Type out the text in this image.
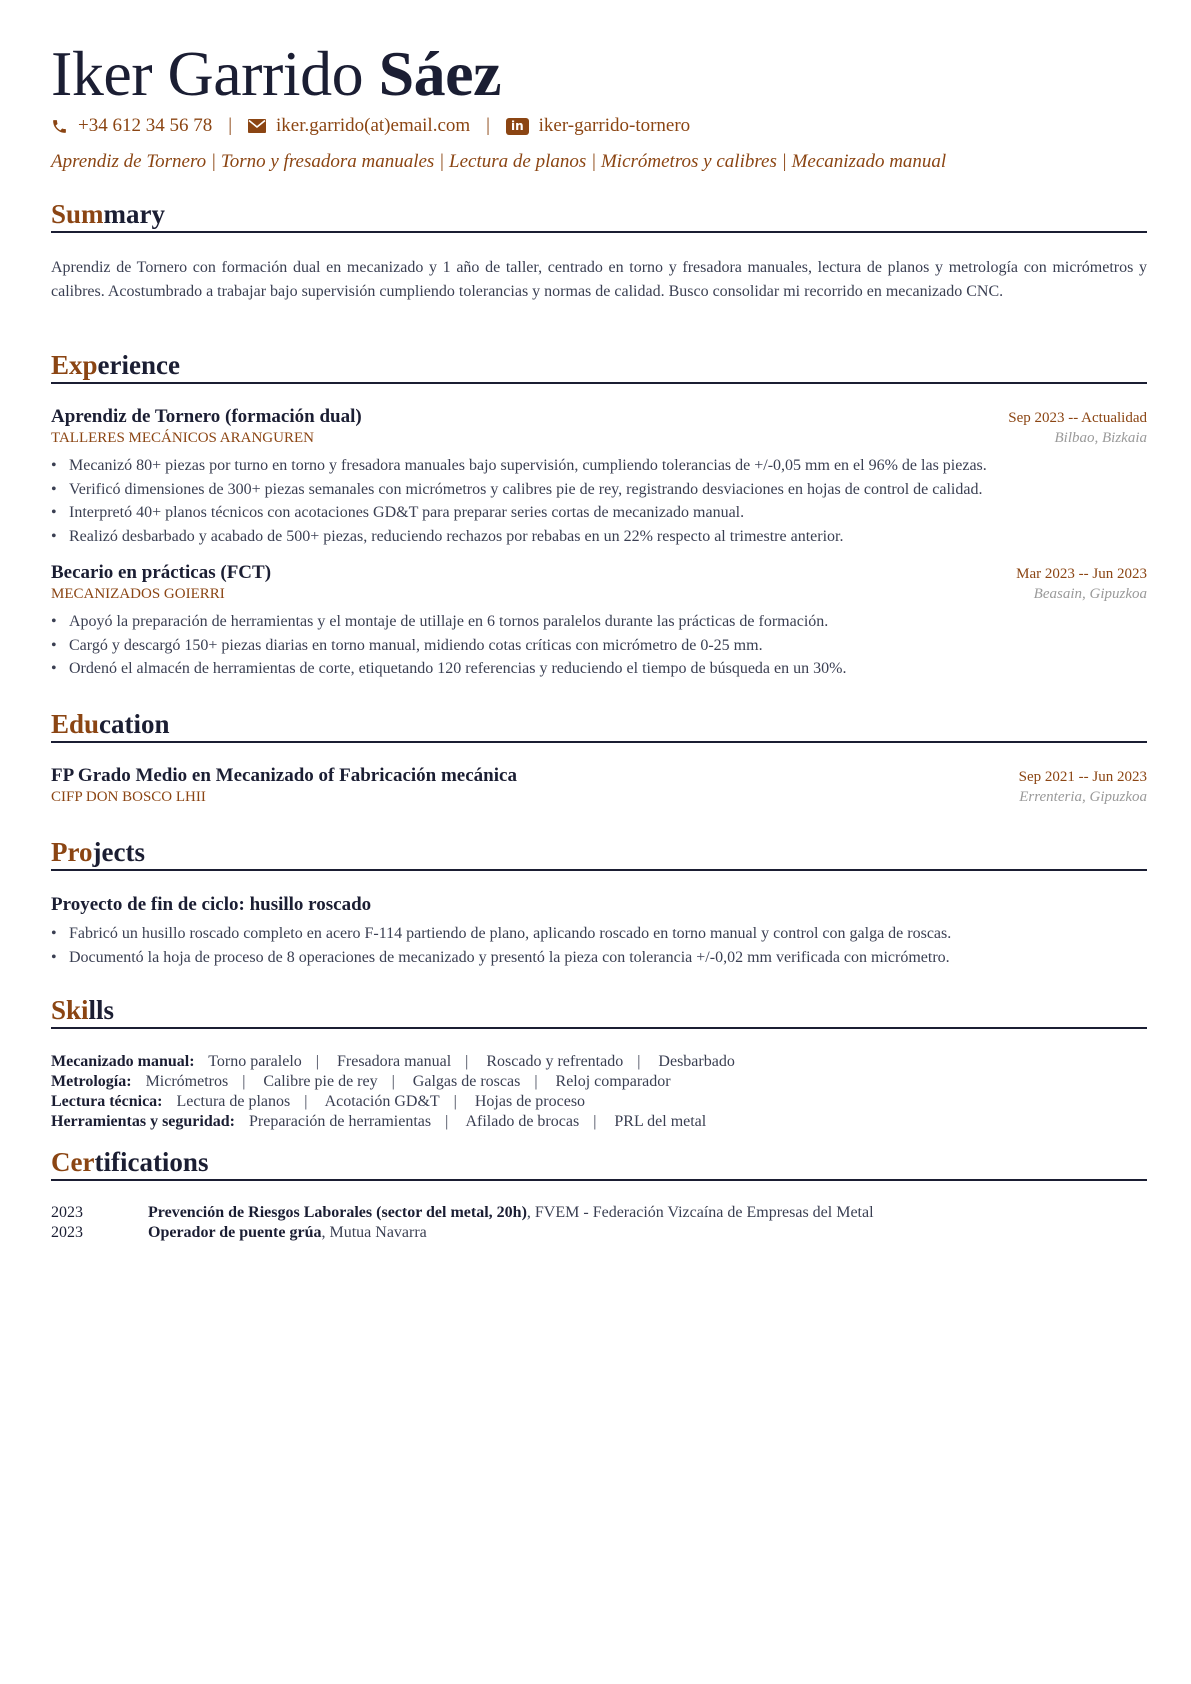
Iker Garrido Sáez
+34 612 34 56 78 | iker.garrido(at)email.com |	in iker-garrido-tornero
Aprendiz de Tornero | Torno y fresadora manuales | Lectura de planos | Micrómetros y calibres | Mecanizado manual
Summary
Aprendiz de Tornero con formación dual en mecanizado y 1 año de taller, centrado en torno y fresadora manuales, lectura de planos y metrología con micrómetros y calibres. Acostumbrado a trabajar bajo supervisión cumpliendo tolerancias y normas de calidad. Busco consolidar mi recorrido en mecanizado CNC.
Experience
Aprendiz de Tornero (formación dual)	Sep 2023 -- Actualidad
TALLERES MECÁNICOS ARANGUREN	Bilbao, Bizkaia
• Mecanizó 80+ piezas por turno en torno y fresadora manuales bajo supervisión, cumpliendo tolerancias de +/-0,05 mm en el 96% de las piezas.
• Verificó dimensiones de 300+ piezas semanales con micrómetros y calibres pie de rey, registrando desviaciones en hojas de control de calidad.
• Interpretó 40+ planos técnicos con acotaciones GD&T para preparar series cortas de mecanizado manual.
• Realizó desbarbado y acabado de 500+ piezas, reduciendo rechazos por rebabas en un 22% respecto al trimestre anterior.
Becario en prácticas (FCT)	Mar 2023 -- Jun 2023
MECANIZADOS GOIERRI	Beasain, Gipuzkoa
• Apoyó la preparación de herramientas y el montaje de utillaje en 6 tornos paralelos durante las prácticas de formación.
• Cargó y descargó 150+ piezas diarias en torno manual, midiendo cotas críticas con micrómetro de 0-25 mm.
• Ordenó el almacén de herramientas de corte, etiquetando 120 referencias y reduciendo el tiempo de búsqueda en un 30%.
Education
FP Grado Medio en Mecanizado of Fabricación mecánica	Sep 2021 -- Jun 2023
CIFP DON BOSCO LHII	Errenteria, Gipuzkoa
Projects
Proyecto de fin de ciclo: husillo roscado
• Fabricó un husillo roscado completo en acero F-114 partiendo de plano, aplicando roscado en torno manual y control con galga de roscas.
• Documentó la hoja de proceso de 8 operaciones de mecanizado y presentó la pieza con tolerancia +/-0,02 mm verificada con micrómetro.
Skills
Mecanizado manual: Torno paralelo | Fresadora manual | Roscado y refrentado | Desbarbado
Metrología: Micrómetros | Calibre pie de rey | Galgas de roscas | Reloj comparador
Lectura técnica: Lectura de planos | Acotación GD&T | Hojas de proceso
Herramientas y seguridad: Preparación de herramientas | Afilado de brocas | PRL del metal
Certifications
2023	Prevención de Riesgos Laborales (sector del metal, 20h), FVEM - Federación Vizcaína de Empresas del Metal
2023	Operador de puente grúa, Mutua Navarra
